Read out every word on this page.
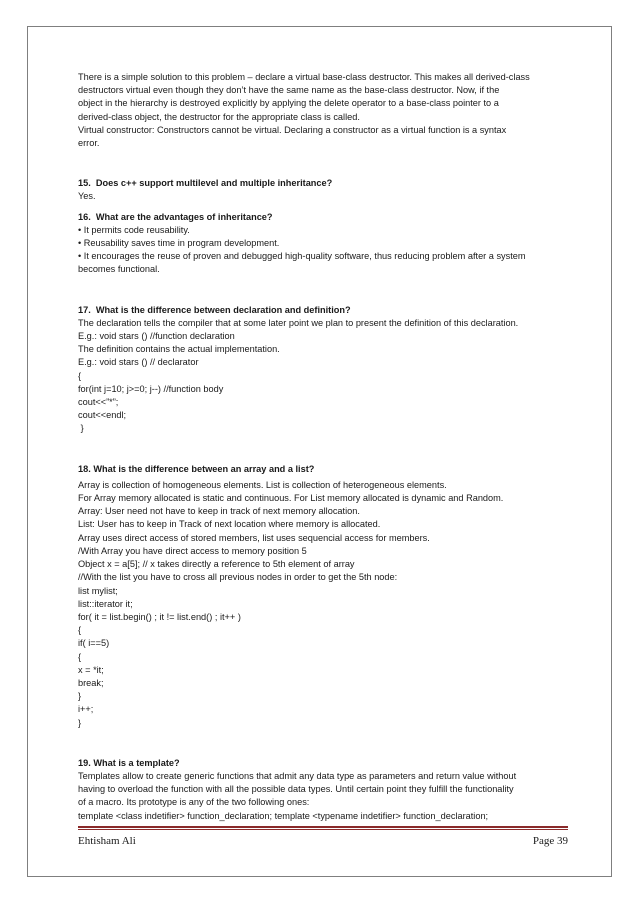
There is a simple solution to this problem – declare a virtual base-class destructor. This makes all derived-class

destructors virtual even though they don’t have the same name as the base-class destructor. Now, if the

object in the hierarchy is destroyed explicitly by applying the delete operator to a base-class pointer to a

derived-class object, the destructor for the appropriate class is called.

Virtual constructor: Constructors cannot be virtual. Declaring a constructor as a virtual function is a syntax

error.

15.  Does c++ support multilevel and multiple inheritance?

Yes.

16.  What are the advantages of inheritance?

• It permits code reusability.

• Reusability saves time in program development.

• It encourages the reuse of proven and debugged high-quality software, thus reducing problem after a system

becomes functional.

17.  What is the difference between declaration and definition?

The declaration tells the compiler that at some later point we plan to present the definition of this declaration.

E.g.: void stars () //function declaration

The definition contains the actual implementation.

E.g.: void stars () // declarator

{

for(int j=10; j>=0; j--) //function body

cout<<”*”;

cout<<endl;

}

18. What is the difference between an array and a list?

Array is collection of homogeneous elements. List is collection of heterogeneous elements.

For Array memory allocated is static and continuous. For List memory allocated is dynamic and Random.

Array: User need not have to keep in track of next memory allocation.

List: User has to keep in Track of next location where memory is allocated.

Array uses direct access of stored members, list uses sequencial access for members.

/With Array you have direct access to memory position 5

Object x = a[5]; // x takes directly a reference to 5th element of array

//With the list you have to cross all previous nodes in order to get the 5th node:

list mylist;

list::iterator it;

for( it = list.begin() ; it != list.end() ; it++ )

{

if( i==5)

{

x = *it;

break;

}

i++;

}

19. What is a template?

Templates allow to create generic functions that admit any data type as parameters and return value without

having to overload the function with all the possible data types. Until certain point they fulfill the functionality

of a macro. Its prototype is any of the two following ones:

template <class indetifier> function_declaration; template <typename indetifier> function_declaration;

Ehtisham Ali	Page 39
